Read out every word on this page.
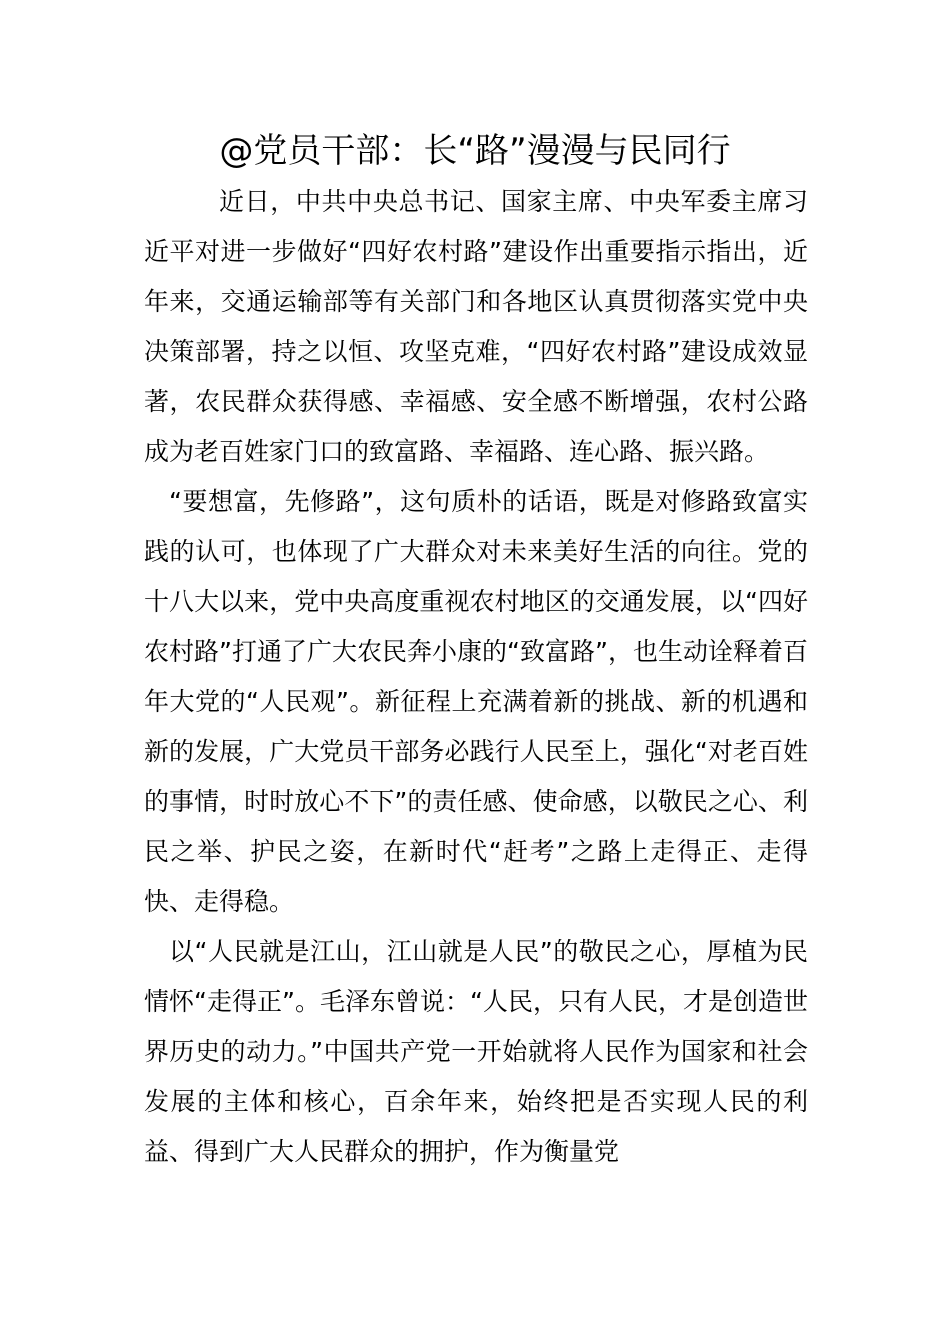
@党员干部：长“路”漫漫与民同行

近日，中共中央总书记、国家主席、中央军委主席习近平对进一步做好“四好农村路”建设作出重要指示指出，近年来，交通运输部等有关部门和各地区认真贯彻落实党中央决策部署，持之以恒、攻坚克难，“四好农村路”建设成效显著，农民群众获得感、幸福感、安全感不断增强，农村公路成为老百姓家门口的致富路、幸福路、连心路、振兴路。

“要想富，先修路”，这句质朴的话语，既是对修路致富实践的认可，也体现了广大群众对未来美好生活的向往。党的十八大以来，党中央高度重视农村地区的交通发展，以“四好农村路”打通了广大农民奔小康的“致富路”，也生动诠释着百年大党的“人民观”。新征程上充满着新的挑战、新的机遇和新的发展，广大党员干部务必践行人民至上，强化“对老百姓的事情，时时放心不下”的责任感、使命感，以敬民之心、利民之举、护民之姿，在新时代“赶考”之路上走得正、走得快、走得稳。

以“人民就是江山，江山就是人民”的敬民之心，厚植为民情怀“走得正”。毛泽东曾说：“人民，只有人民，才是创造世界历史的动力。”中国共产党一开始就将人民作为国家和社会发展的主体和核心，百余年来，始终把是否实现人民的利益、得到广大人民群众的拥护，作为衡量党
